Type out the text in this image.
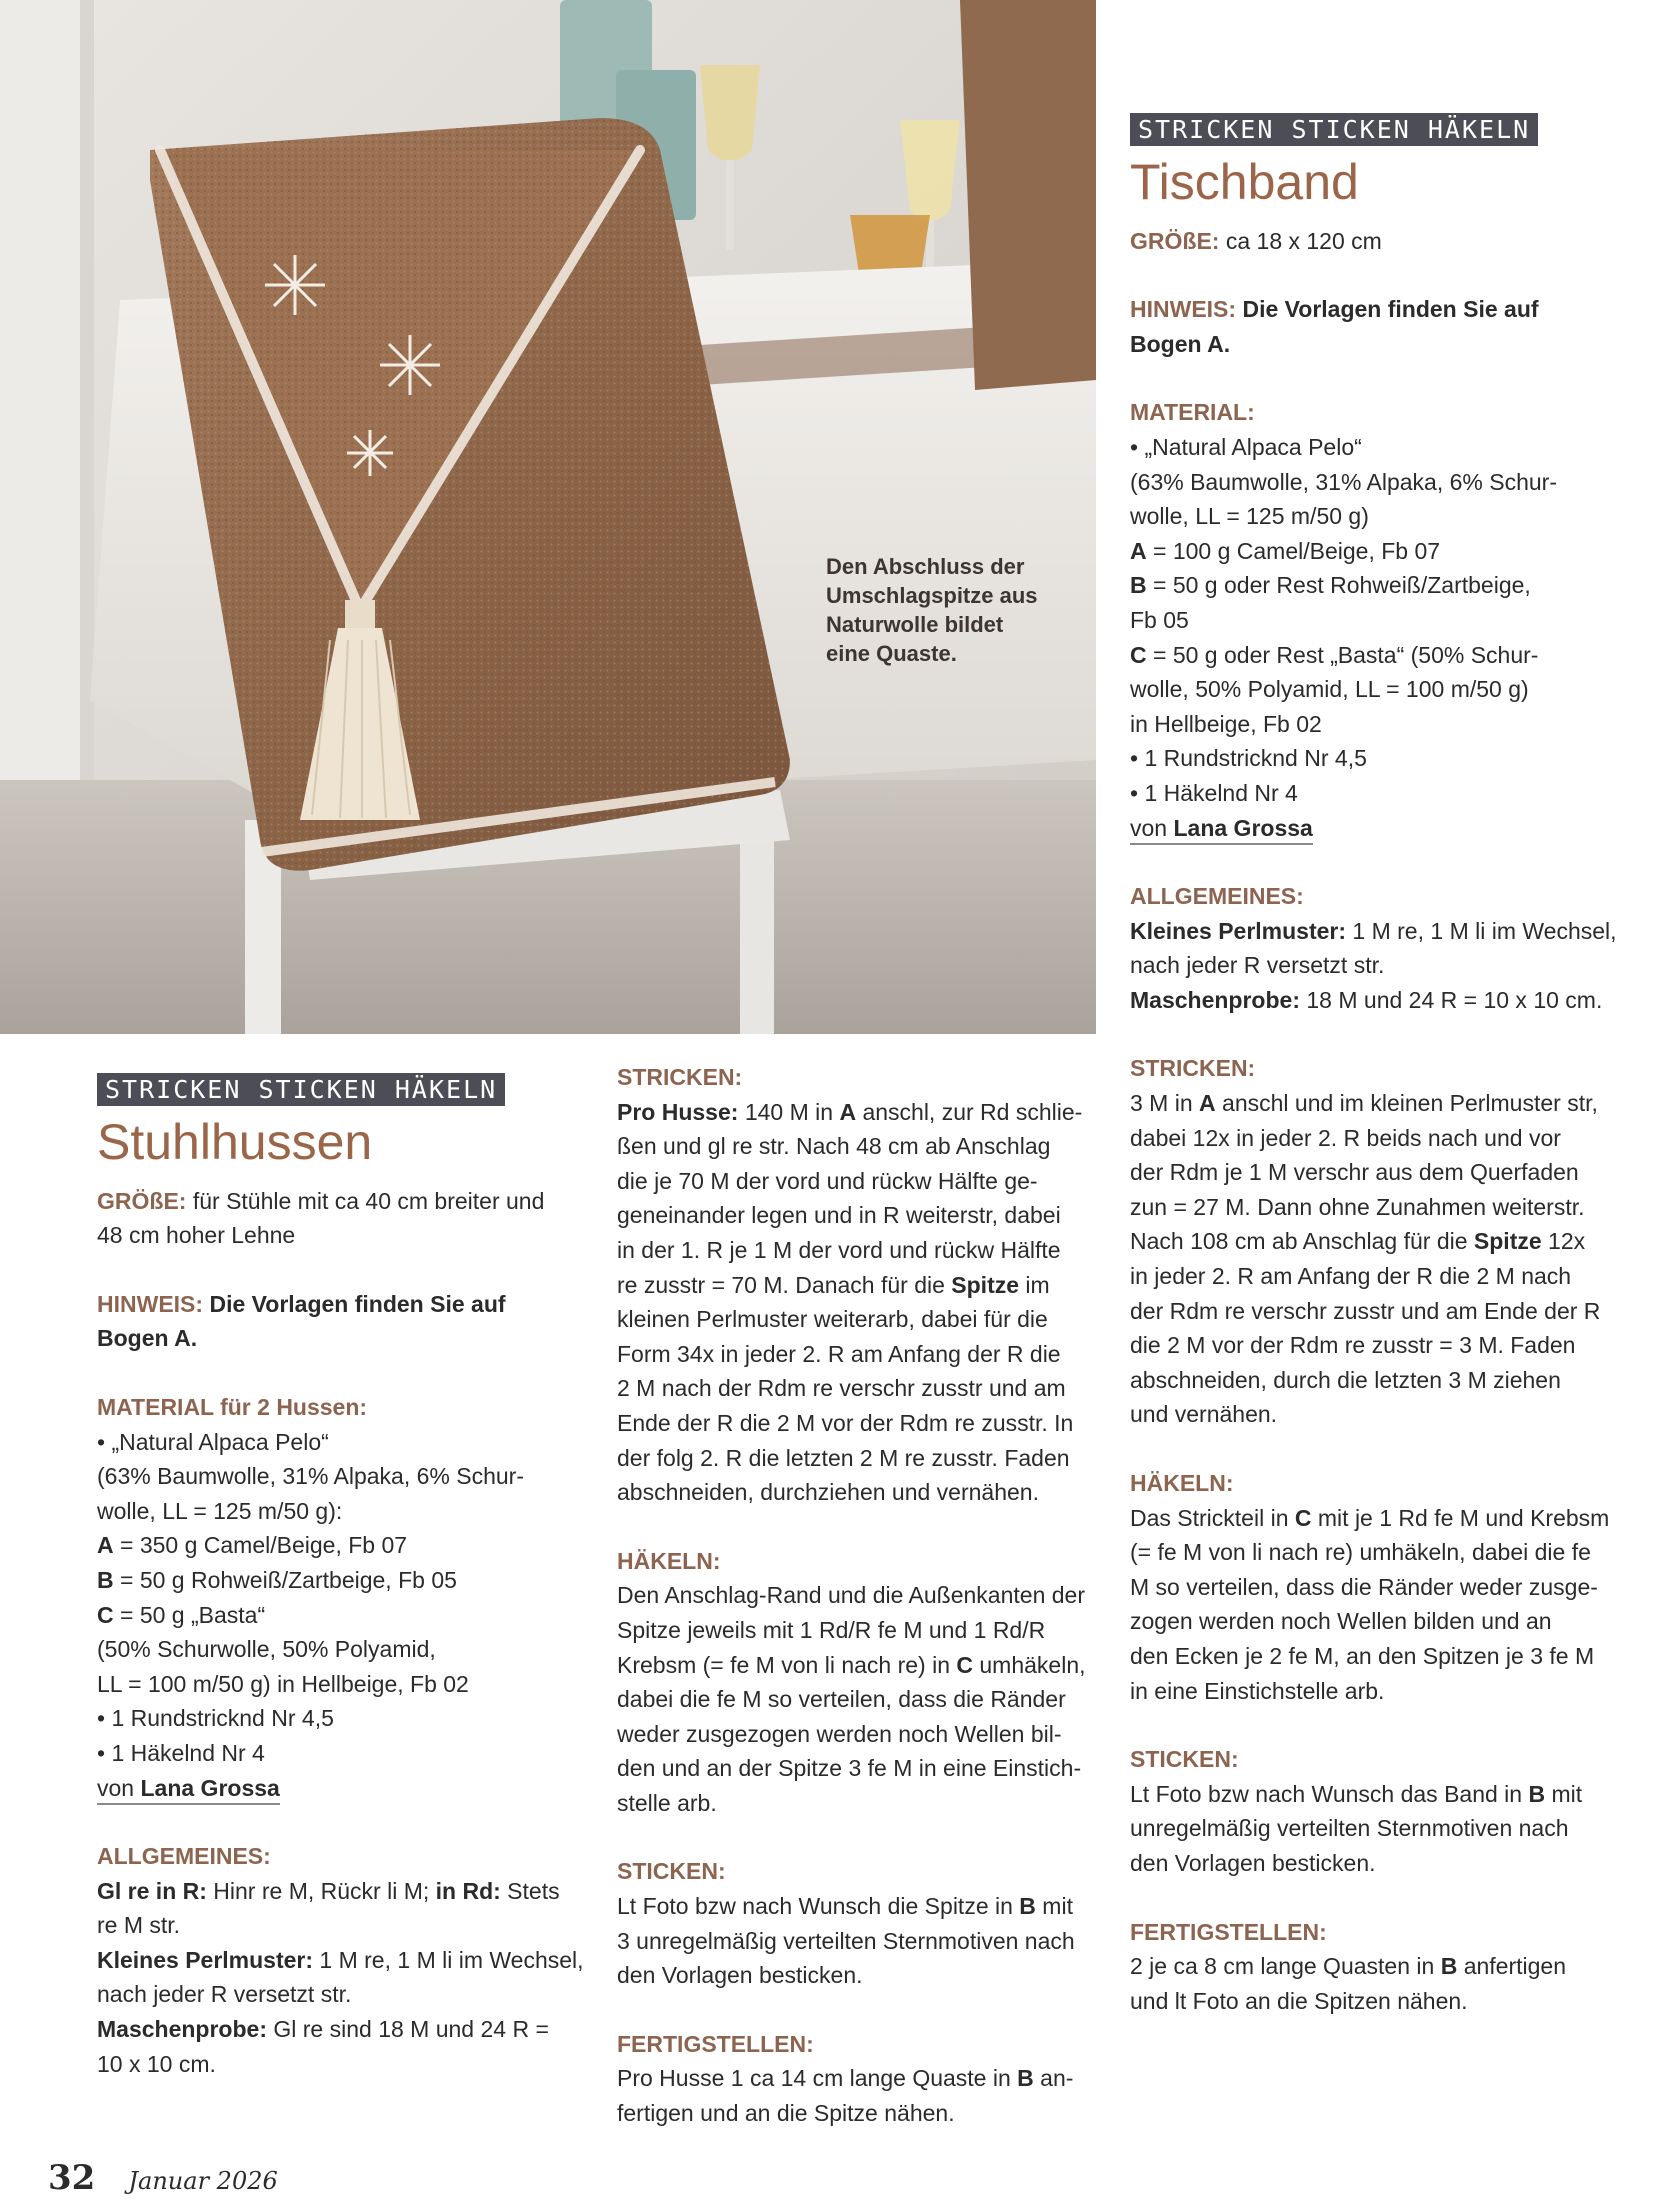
Den Abschluss der
Umschlagspitze aus
Naturwolle bildet
eine Quaste.
STRICKEN STICKEN HÄKELN
Tischband

GRÖßE: ca 18 x 120 cm

HINWEIS: Die Vorlagen finden Sie auf

Bogen A.

MATERIAL:

• „Natural Alpaca Pelo“

(63% Baumwolle, 31% Alpaka, 6% Schur-

wolle, LL = 125 m/50 g)

A = 100 g Camel/Beige, Fb 07

B = 50 g oder Rest Rohweiß/Zartbeige,

Fb 05

C = 50 g oder Rest „Basta“ (50% Schur-

wolle, 50% Polyamid, LL = 100 m/50 g)

in Hellbeige, Fb 02

• 1 Rundstricknd Nr 4,5

• 1 Häkelnd Nr 4

von Lana Grossa

ALLGEMEINES:

Kleines Perlmuster: 1 M re, 1 M li im Wechsel,

nach jeder R versetzt str.

Maschenprobe: 18 M und 24 R = 10 x 10 cm.

STRICKEN:

3 M in A anschl und im kleinen Perlmuster str,

dabei 12x in jeder 2. R beids nach und vor

der Rdm je 1 M verschr aus dem Querfaden

zun = 27 M. Dann ohne Zunahmen weiterstr.

Nach 108 cm ab Anschlag für die Spitze 12x

in jeder 2. R am Anfang der R die 2 M nach

der Rdm re verschr zusstr und am Ende der R

die 2 M vor der Rdm re zusstr = 3 M. Faden

abschneiden, durch die letzten 3 M ziehen

und vernähen.

HÄKELN:

Das Strickteil in C mit je 1 Rd fe M und Krebsm

(= fe M von li nach re) umhäkeln, dabei die fe

M so verteilen, dass die Ränder weder zusge-

zogen werden noch Wellen bilden und an

den Ecken je 2 fe M, an den Spitzen je 3 fe M

in eine Einstichstelle arb.

STICKEN:

Lt Foto bzw nach Wunsch das Band in B mit

unregelmäßig verteilten Sternmotiven nach

den Vorlagen besticken.

FERTIGSTELLEN:

2 je ca 8 cm lange Quasten in B anfertigen

und lt Foto an die Spitzen nähen.

STRICKEN STICKEN HÄKELN
Stuhlhussen

GRÖßE: für Stühle mit ca 40 cm breiter und

48 cm hoher Lehne

HINWEIS: Die Vorlagen finden Sie auf

Bogen A.

MATERIAL für 2 Hussen:

• „Natural Alpaca Pelo“

(63% Baumwolle, 31% Alpaka, 6% Schur-

wolle, LL = 125 m/50 g):

A = 350 g Camel/Beige, Fb 07

B = 50 g Rohweiß/Zartbeige, Fb 05

C = 50 g „Basta“

(50% Schurwolle, 50% Polyamid,

LL = 100 m/50 g) in Hellbeige, Fb 02

• 1 Rundstricknd Nr 4,5

• 1 Häkelnd Nr 4

von Lana Grossa

ALLGEMEINES:

Gl re in R: Hinr re M, Rückr li M; in Rd: Stets

re M str.

Kleines Perlmuster: 1 M re, 1 M li im Wechsel,

nach jeder R versetzt str.

Maschenprobe: Gl re sind 18 M und 24 R =

10 x 10 cm.

STRICKEN:

Pro Husse: 140 M in A anschl, zur Rd schlie-

ßen und gl re str. Nach 48 cm ab Anschlag

die je 70 M der vord und rückw Hälfte ge-

geneinander legen und in R weiterstr, dabei

in der 1. R je 1 M der vord und rückw Hälfte

re zusstr = 70 M. Danach für die Spitze im

kleinen Perlmuster weiterarb, dabei für die

Form 34x in jeder 2. R am Anfang der R die

2 M nach der Rdm re verschr zusstr und am

Ende der R die 2 M vor der Rdm re zusstr. In

der folg 2. R die letzten 2 M re zusstr. Faden

abschneiden, durchziehen und vernähen.

HÄKELN:

Den Anschlag-Rand und die Außenkanten der

Spitze jeweils mit 1 Rd/R fe M und 1 Rd/R

Krebsm (= fe M von li nach re) in C umhäkeln,

dabei die fe M so verteilen, dass die Ränder

weder zusgezogen werden noch Wellen bil-

den und an der Spitze 3 fe M in eine Einstich-

stelle arb.

STICKEN:

Lt Foto bzw nach Wunsch die Spitze in B mit

3 unregelmäßig verteilten Sternmotiven nach

den Vorlagen besticken.

FERTIGSTELLEN:

Pro Husse 1 ca 14 cm lange Quaste in B an-

fertigen und an die Spitze nähen.

32 Januar 2026
